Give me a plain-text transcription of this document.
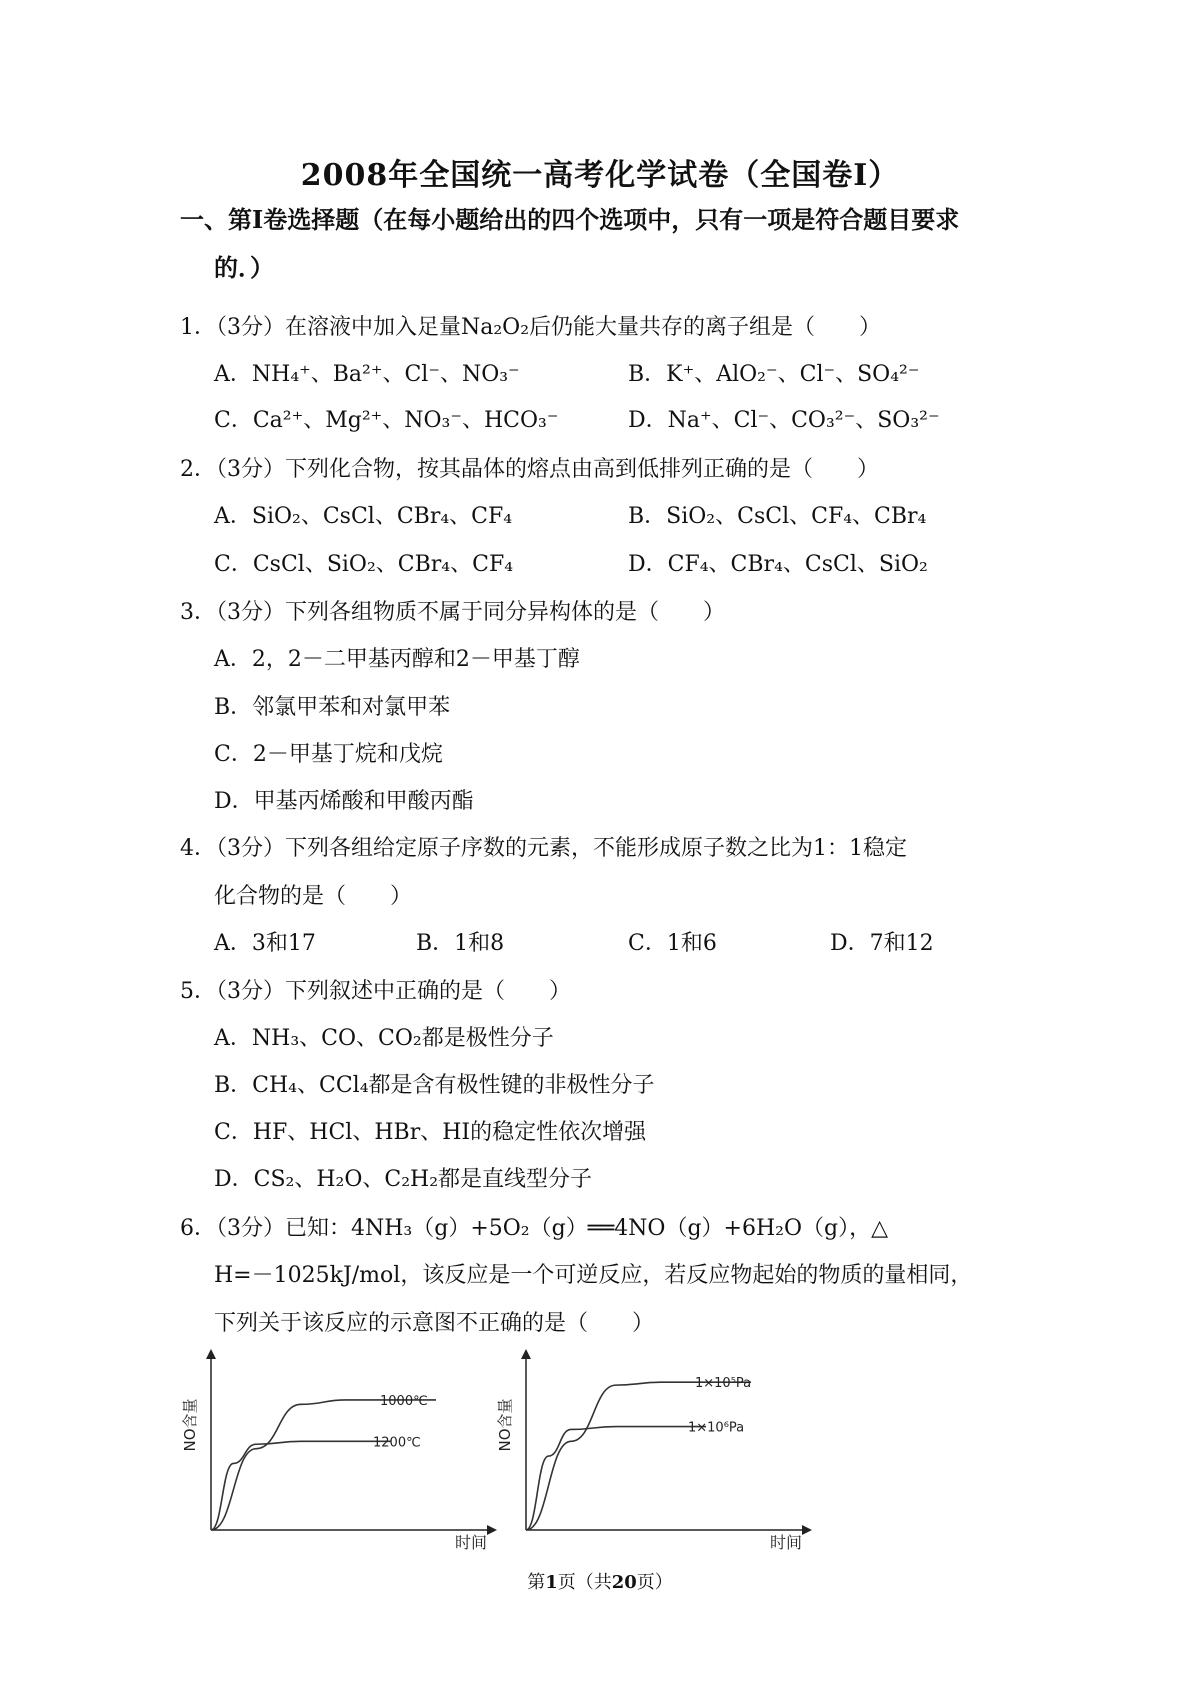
2008年全国统一高考化学试卷（全国卷I）
一、第I卷选择题（在每小题给出的四个选项中，只有一项是符合题目要求
的．）
1．（3分）在溶液中加入足量Na₂O₂后仍能大量共存的离子组是（　　）
A．NH₄⁺、Ba²⁺、Cl⁻、NO₃⁻	B．K⁺、AlO₂⁻、Cl⁻、SO₄²⁻
C．Ca²⁺、Mg²⁺、NO₃⁻、HCO₃⁻	D．Na⁺、Cl⁻、CO₃²⁻、SO₃²⁻
2．（3分）下列化合物，按其晶体的熔点由高到低排列正确的是（　　）
A．SiO₂、CsCl、CBr₄、CF₄	B．SiO₂、CsCl、CF₄、CBr₄
C．CsCl、SiO₂、CBr₄、CF₄	D．CF₄、CBr₄、CsCl、SiO₂
3．（3分）下列各组物质不属于同分异构体的是（　　）
A．2，2－二甲基丙醇和2－甲基丁醇
B．邻氯甲苯和对氯甲苯
C．2－甲基丁烷和戊烷
D．甲基丙烯酸和甲酸丙酯
4．（3分）下列各组给定原子序数的元素，不能形成原子数之比为1：1稳定
化合物的是（　　）
A．3和17	B．1和8	C．1和6	D．7和12
5．（3分）下列叙述中正确的是（　　）
A．NH₃、CO、CO₂都是极性分子
B．CH₄、CCl₄都是含有极性键的非极性分子
C．HF、HCl、HBr、HI的稳定性依次增强
D．CS₂、H₂O、C₂H₂都是直线型分子
6．（3分）已知：4NH₃（g）+5O₂（g）══4NO（g）+6H₂O（g），△
H=－1025kJ/mol，该反应是一个可逆反应，若反应物起始的物质的量相同，
下列关于该反应的示意图不正确的是（　　）
NO含量
时间
1000℃
1200℃	NO含量
时间
1×10⁵Pa
1×10⁶Pa
第1页（共20页）
